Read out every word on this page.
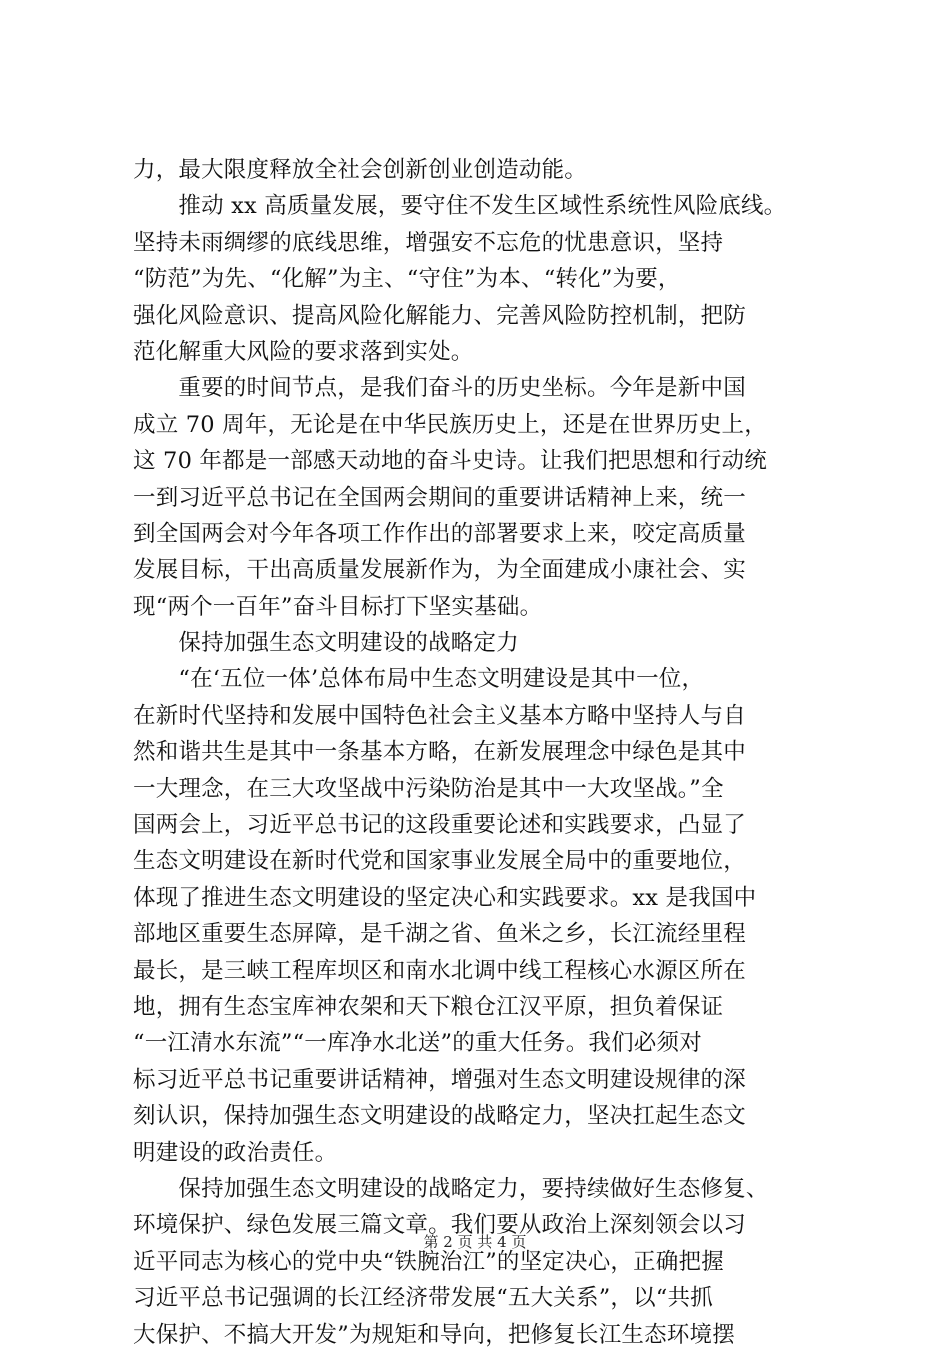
力，最大限度释放全社会创新创业创造动能。
　　推动 xx 高质量发展，要守住不发生区域性系统性风险底线。
坚持未雨绸缪的底线思维，增强安不忘危的忧患意识，坚持
“防范”为先、“化解”为主、“守住”为本、“转化”为要，
强化风险意识、提高风险化解能力、完善风险防控机制，把防
范化解重大风险的要求落到实处。
　　重要的时间节点，是我们奋斗的历史坐标。今年是新中国
成立 70 周年，无论是在中华民族历史上，还是在世界历史上，
这 70 年都是一部感天动地的奋斗史诗。让我们把思想和行动统
一到习近平总书记在全国两会期间的重要讲话精神上来，统一
到全国两会对今年各项工作作出的部署要求上来，咬定高质量
发展目标，干出高质量发展新作为，为全面建成小康社会、实
现“两个一百年”奋斗目标打下坚实基础。
　　保持加强生态文明建设的战略定力
　　“在‘五位一体’总体布局中生态文明建设是其中一位，
在新时代坚持和发展中国特色社会主义基本方略中坚持人与自
然和谐共生是其中一条基本方略，在新发展理念中绿色是其中
一大理念，在三大攻坚战中污染防治是其中一大攻坚战。”全
国两会上，习近平总书记的这段重要论述和实践要求，凸显了
生态文明建设在新时代党和国家事业发展全局中的重要地位，
体现了推进生态文明建设的坚定决心和实践要求。xx 是我国中
部地区重要生态屏障，是千湖之省、鱼米之乡，长江流经里程
最长，是三峡工程库坝区和南水北调中线工程核心水源区所在
地，拥有生态宝库神农架和天下粮仓江汉平原，担负着保证
“一江清水东流”“一库净水北送”的重大任务。我们必须对
标习近平总书记重要讲话精神，增强对生态文明建设规律的深
刻认识，保持加强生态文明建设的战略定力，坚决扛起生态文
明建设的政治责任。
　　保持加强生态文明建设的战略定力，要持续做好生态修复、
环境保护、绿色发展三篇文章。我们要从政治上深刻领会以习
近平同志为核心的党中央“铁腕治江”的坚定决心，正确把握
习近平总书记强调的长江经济带发展“五大关系”，以“共抓
大保护、不搞大开发”为规矩和导向，把修复长江生态环境摆
第 2 页 共 4 页
